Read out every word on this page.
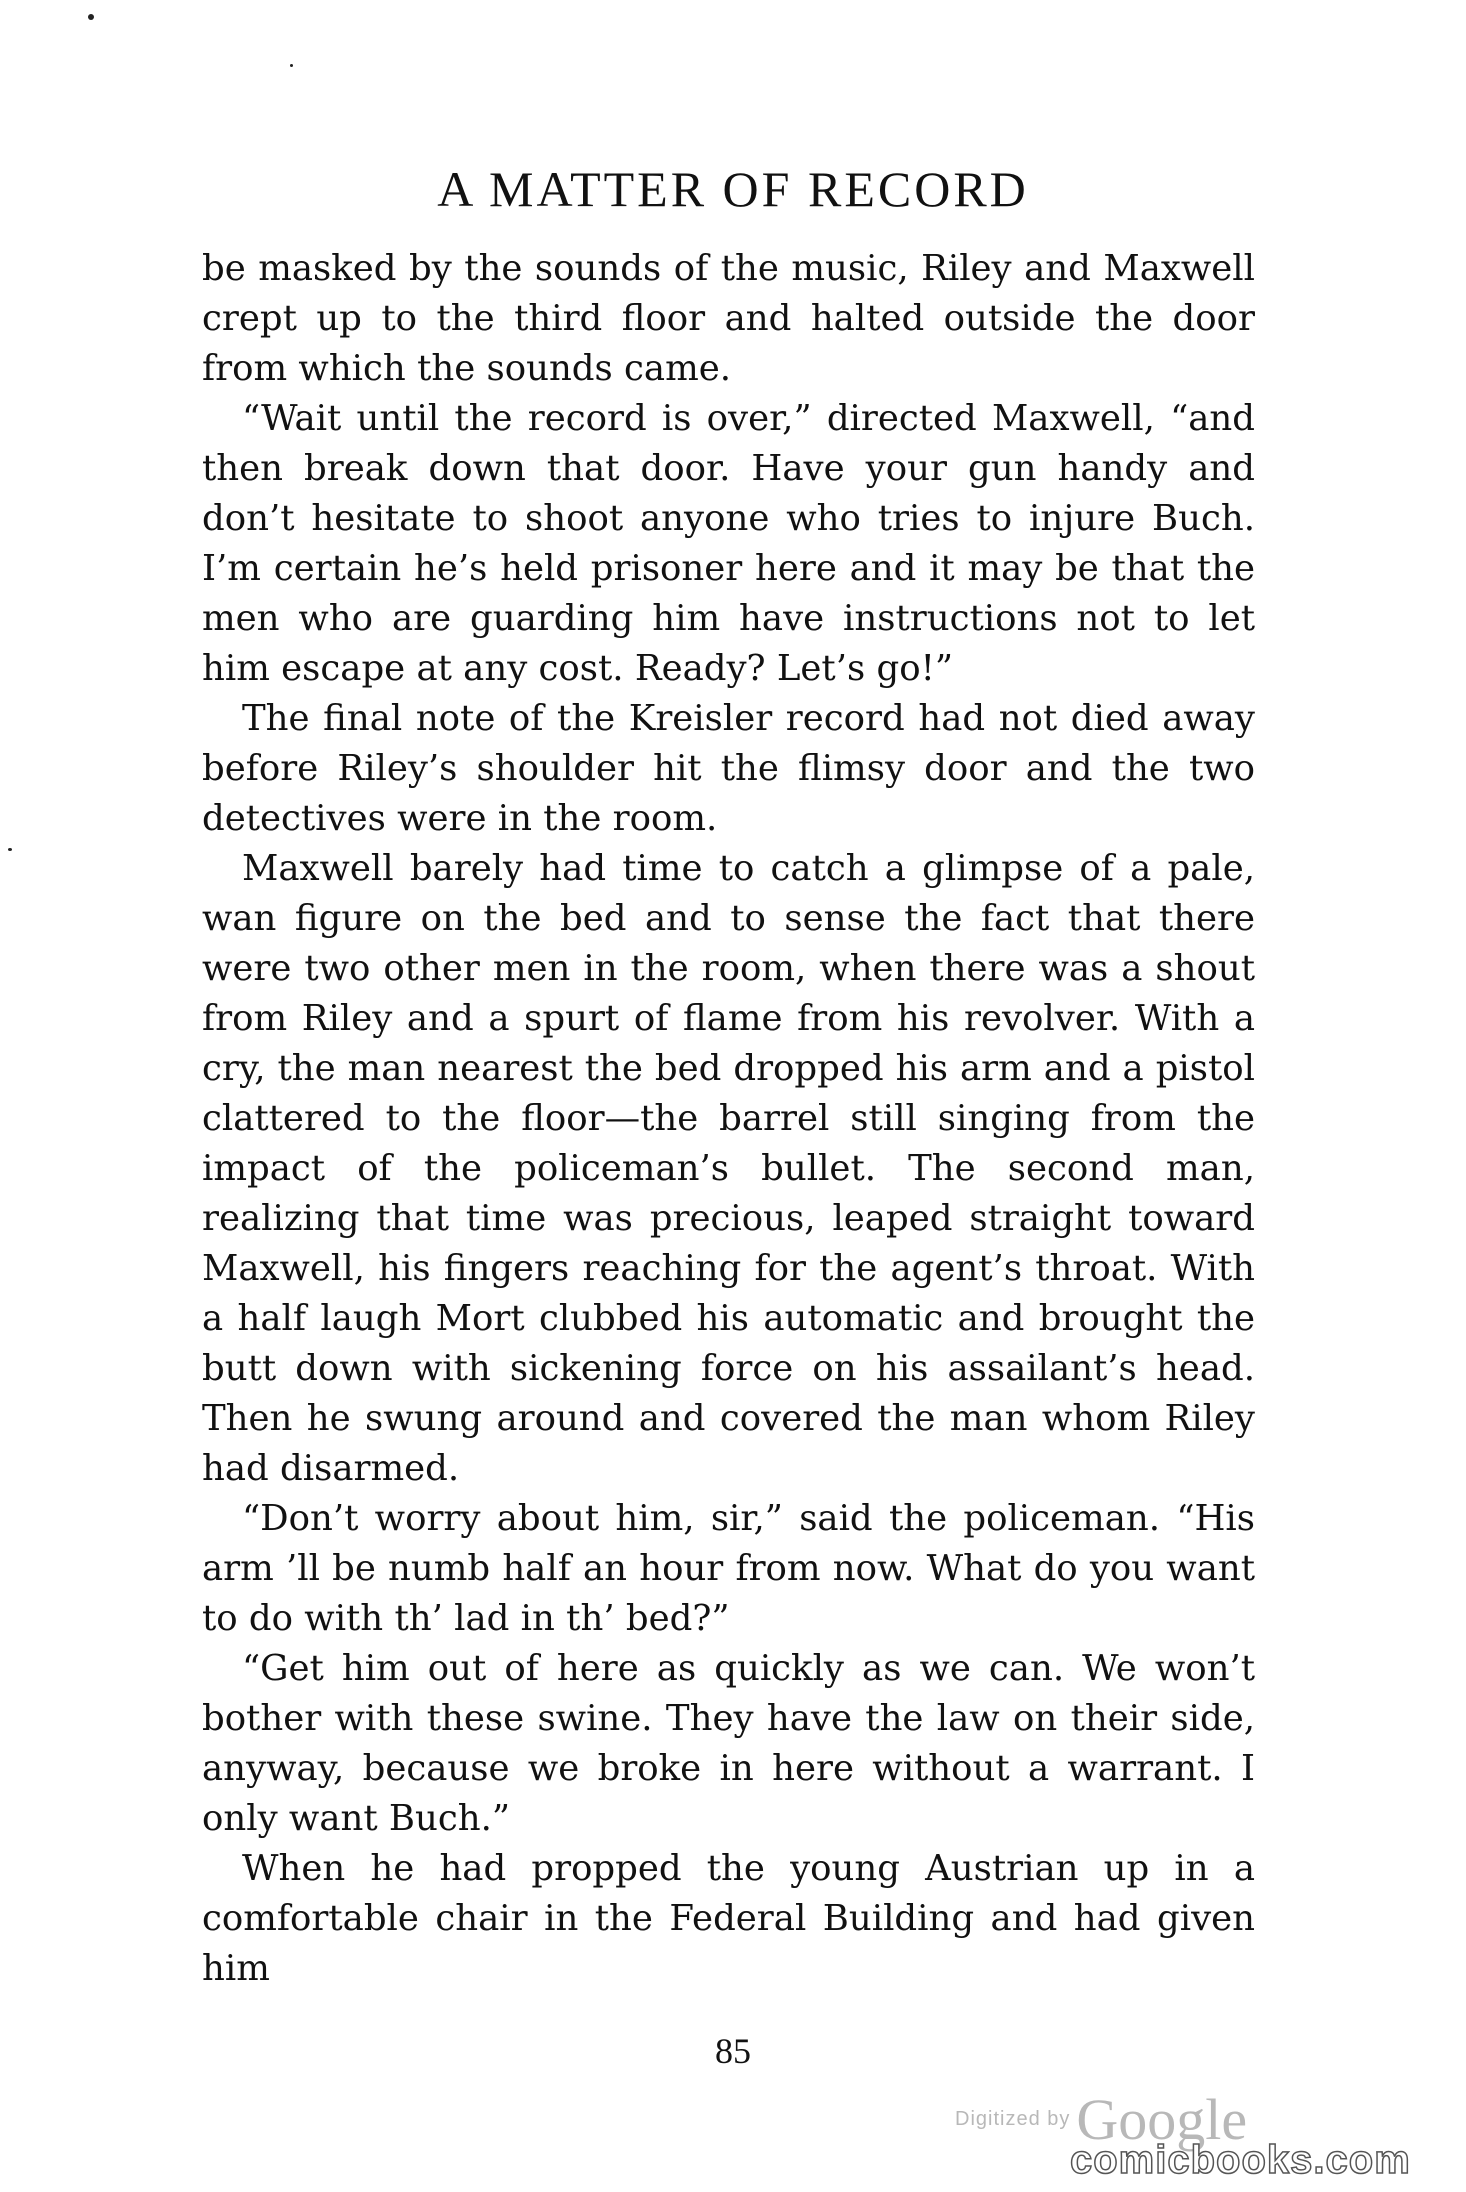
A MATTER OF RECORD

be masked by the sounds of the music, Riley and Maxwell crept up to the third floor and halted outside the door from which the sounds came.

“Wait until the record is over,” directed Maxwell, “and then break down that door. Have your gun handy and don’t hesitate to shoot anyone who tries to injure Buch. I’m certain he’s held prisoner here and it may be that the men who are guarding him have instructions not to let him escape at any cost. Ready? Let’s go!”

The final note of the Kreisler record had not died away before Riley’s shoulder hit the flimsy door and the two detectives were in the room.

Maxwell barely had time to catch a glimpse of a pale, wan figure on the bed and to sense the fact that there were two other men in the room, when there was a shout from Riley and a spurt of flame from his revolver. With a cry, the man nearest the bed dropped his arm and a pistol clattered to the floor—the barrel still singing from the impact of the policeman’s bullet. The second man, realizing that time was precious, leaped straight toward Maxwell, his fingers reaching for the agent’s throat. With a half laugh Mort clubbed his automatic and brought the butt down with sickening force on his assailant’s head. Then he swung around and covered the man whom Riley had disarmed.

“Don’t worry about him, sir,” said the policeman. “His arm ’ll be numb half an hour from now. What do you want to do with th’ lad in th’ bed?”

“Get him out of here as quickly as we can. We won’t bother with these swine. They have the law on their side, anyway, because we broke in here without a warrant. I only want Buch.”

When he had propped the young Austrian up in a comfortable chair in the Federal Building and had given him

85
Digitized by Google
comicbooks.com
